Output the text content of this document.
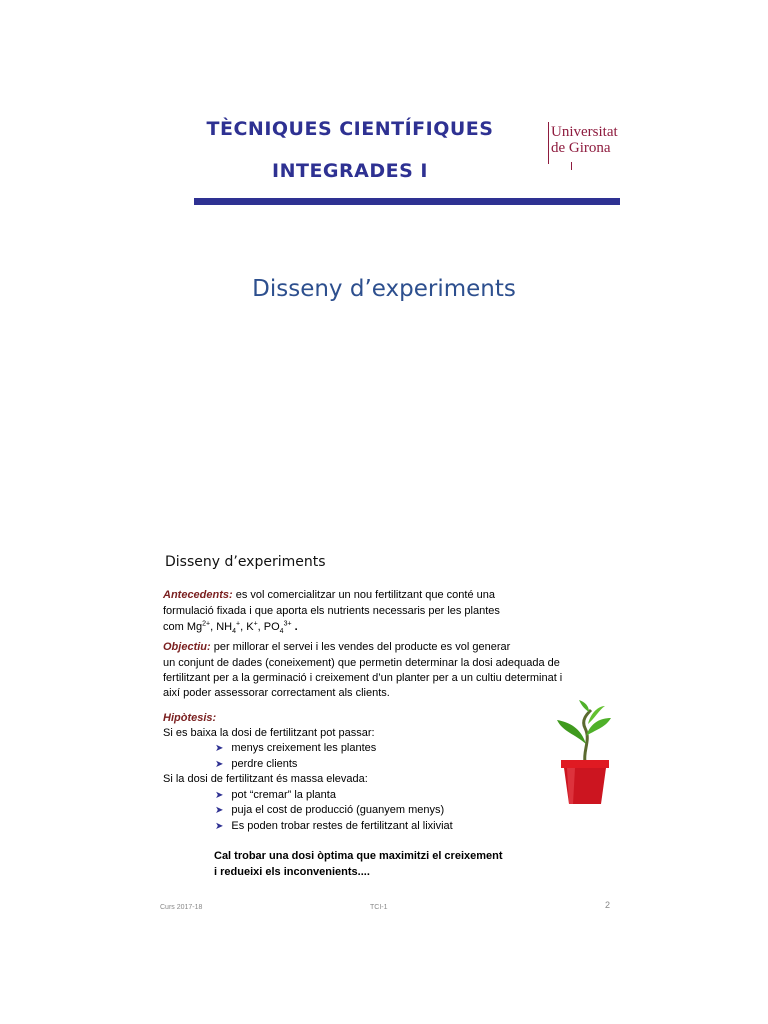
TÈCNIQUES CIENTÍFIQUES
INTEGRADES I
Universitat
de Girona
Disseny d’experiments
Disseny d’experiments
Antecedents: es vol comercialitzar un nou fertilitzant que conté una
formulació fixada i que aporta els nutrients necessaris per les plantes
com $Mg^{2+}$, $NH_4^+$, K+, $PO_4^{3+}$ .
Objectiu: per millorar el servei i les vendes del producte es vol generar
un conjunt de dades (coneixement) que permetin determinar la dosi adequada de
fertilitzant per a la germinació i creixement d’un planter per a un cultiu determinat i
així poder assessorar correctament als clients.
Hipòtesis:
Si es baixa la dosi de fertilitzant pot passar:
➤ menys creixement les plantes
➤ perdre clients
Si la dosi de fertilitzant és massa elevada:
➤ pot “cremar” la planta
➤ puja el cost de producció (guanyem menys)
➤ Es poden trobar restes de fertilitzant al lixiviat
Cal trobar una dosi òptima que maximitzi el creixement
i redueixi els inconvenients....
Curs 2017-18	TCI-1	2
